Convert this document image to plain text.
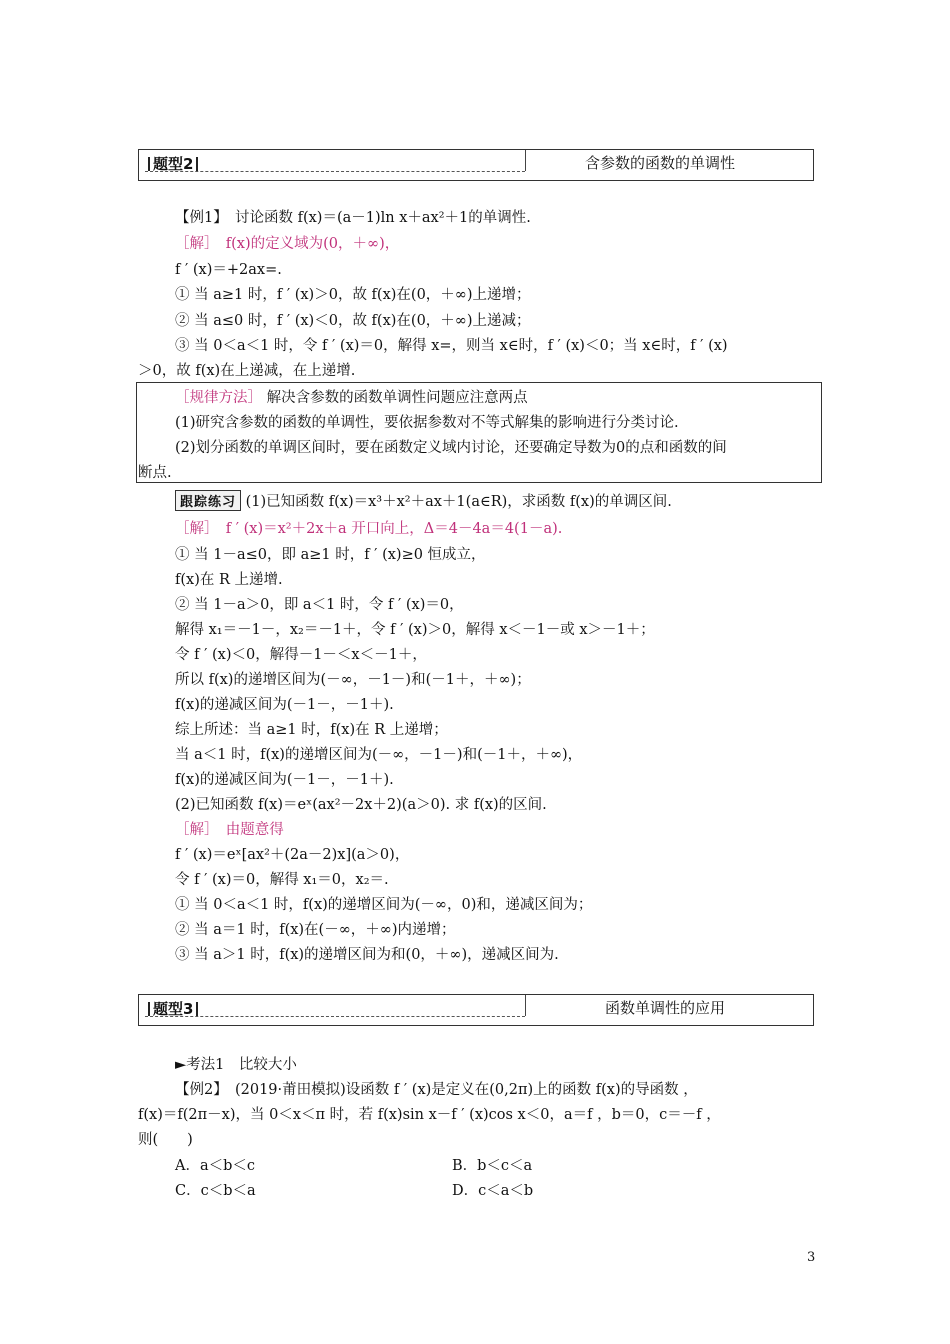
题型2	含参数的函数的单调性
【例1】　讨论函数 f(x)＝(a－1)ln x＋ax²＋1的单调性.
［解］　f(x)的定义域为(0，＋∞)，
f ′ (x)＝+2ax=.
① 当 a≥1 时，f ′ (x)＞0，故 f(x)在(0，＋∞)上递增；
② 当 a≤0 时，f ′ (x)＜0，故 f(x)在(0，＋∞)上递减；
③ 当 0＜a＜1 时，令 f ′ (x)＝0，解得 x=，则当 x∈时，f ′ (x)＜0；当 x∈时，f ′ (x)
＞0，故 f(x)在上递减，在上递增.
［规律方法］ 解决含参数的函数单调性问题应注意两点
(1)研究含参数的函数的单调性，要依据参数对不等式解集的影响进行分类讨论.
(2)划分函数的单调区间时，要在函数定义域内讨论，还要确定导数为0的点和函数的间
断点.
跟踪练习 (1)已知函数 f(x)＝x³＋x²＋ax＋1(a∈R)，求函数 f(x)的单调区间.
［解］　f ′ (x)＝x²＋2x＋a 开口向上，Δ＝4－4a＝4(1－a).
① 当 1－a≤0，即 a≥1 时，f ′ (x)≥0 恒成立，
f(x)在 R 上递增.
② 当 1－a＞0，即 a＜1 时，令 f ′ (x)＝0，
解得 x₁＝－1－，x₂＝－1＋，令 f ′ (x)＞0，解得 x＜－1－或 x＞－1＋；
令 f ′ (x)＜0，解得－1－＜x＜－1＋，
所以 f(x)的递增区间为(－∞，－1－)和(－1＋，＋∞)；
f(x)的递减区间为(－1－，－1＋).
综上所述：当 a≥1 时，f(x)在 R 上递增；
当 a＜1 时，f(x)的递增区间为(－∞，－1－)和(－1＋，＋∞)，
f(x)的递减区间为(－1－，－1＋).
(2)已知函数 f(x)＝eˣ(ax²－2x＋2)(a＞0). 求 f(x)的区间.
［解］　由题意得
f ′ (x)＝eˣ[ax²＋(2a－2)x](a＞0)，
令 f ′ (x)＝0，解得 x₁＝0，x₂＝.
① 当 0＜a＜1 时，f(x)的递增区间为(－∞，0)和，递减区间为；
② 当 a＝1 时，f(x)在(－∞，＋∞)内递增；
③ 当 a＞1 时，f(x)的递增区间为和(0，＋∞)，递减区间为.
题型3	函数单调性的应用
►考法1　比较大小
【例2】　(2019·莆田模拟)设函数 f ′ (x)是定义在(0,2π)上的函数 f(x)的导函数 ，
f(x)＝f(2π－x)，当 0＜x＜π 时，若 f(x)sin x－f ′ (x)cos x＜0，a＝f ，b＝0，c＝－f ，
则(　　)
A．a＜b＜c	B．b＜c＜a
C．c＜b＜a	D．c＜a＜b
3
